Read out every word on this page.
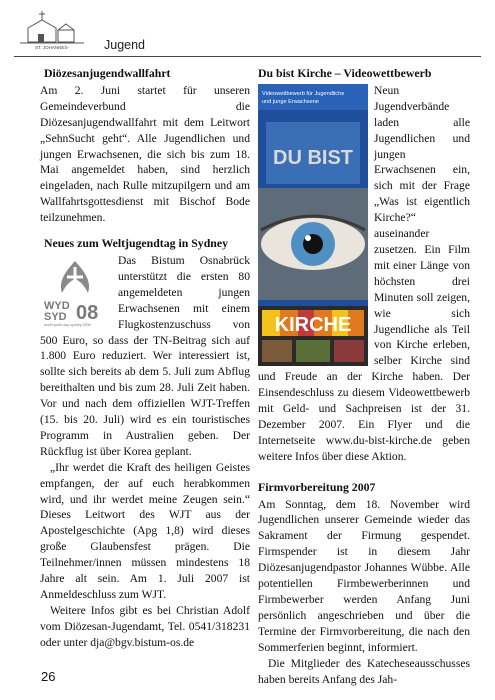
ST. JOHANNES-	Jugend
Diözesanjugendwallfahrt

Am 2. Juni startet für unseren Gemeindeverbund die Diözesanjugendwallfahrt mit dem Leitwort „SehnSucht geht“. Alle Jugendlichen und jungen Erwachsenen, die sich bis zum 18. Mai angemeldet haben, sind herzlich eingeladen, nach Rulle mitzupilgern und am Wallfahrtsgottesdienst mit Bischof Bode teilzunehmen.

Neues zum Weltjugendtag in Sydney
WYD
SYD 08
world youth day sydney 2008

Das Bistum Osnabrück unterstützt die ersten 80 angemeldeten jungen Erwachsenen mit einem Flugkostenzuschuss von 500 Euro, so dass der TN-Beitrag sich auf 1.800 Euro reduziert. Wer interessiert ist, sollte sich bereits ab dem 5. Juli zum Abflug bereithalten und bis zum 28. Juli Zeit haben. Vor und nach dem offiziellen WJT-Treffen (15. bis 20. Juli) wird es ein touristisches Programm in Australien geben. Der Rückflug ist über Korea geplant.

„Ihr werdet die Kraft des heiligen Geistes empfangen, der auf euch herabkommen wird, und ihr werdet meine Zeugen sein.“ Dieses Leitwort des WJT aus der Apostelgeschichte (Apg 1,8) wird dieses große Glaubensfest prägen. Die Teilnehmer/innen müssen mindestens 18 Jahre alt sein. Am 1. Juli 2007 ist Anmeldeschluss zum WJT.

Weitere Infos gibt es bei Christian Adolf vom Diözesan-Jugendamt, Tel. 0541/318231 oder unter dja@bgv.bistum-os.de

Du bist Kirche – Videowettbewerb
Videowettbewerb für Jugendliche
und junge Erwachsene
DU BIST
KIRCHE

Neun Jugendverbände laden alle Jugendlichen und jungen Erwachsenen ein, sich mit der Frage „Was ist eigentlich Kirche?“ auseinander zusetzen. Ein Film mit einer Länge von höchsten drei Minuten soll zeigen, wie sich Jugendliche als Teil von Kirche erleben, selber Kirche sind und Freude an der Kirche haben. Der Einsendeschluss zu diesem Videowettbewerb mit Geld- und Sachpreisen ist der 31. Dezember 2007. Ein Flyer und die Internetseite www.du-bist-kirche.de geben weitere Infos über diese Aktion.

Firmvorbereitung 2007

Am Sonntag, dem 18. November wird Jugendlichen unserer Gemeinde wieder das Sakrament der Firmung gespendet. Firmspender ist in diesem Jahr Diözesanjugendpastor Johannes Wübbe. Alle potentiellen Firmbewerberinnen und Firmbewerber werden Anfang Juni persönlich angeschrieben und über die Termine der Firmvorbereitung, die nach den Sommerferien beginnt, informiert.

Die Mitglieder des Katecheseausschusses haben bereits Anfang des Jah-

26
